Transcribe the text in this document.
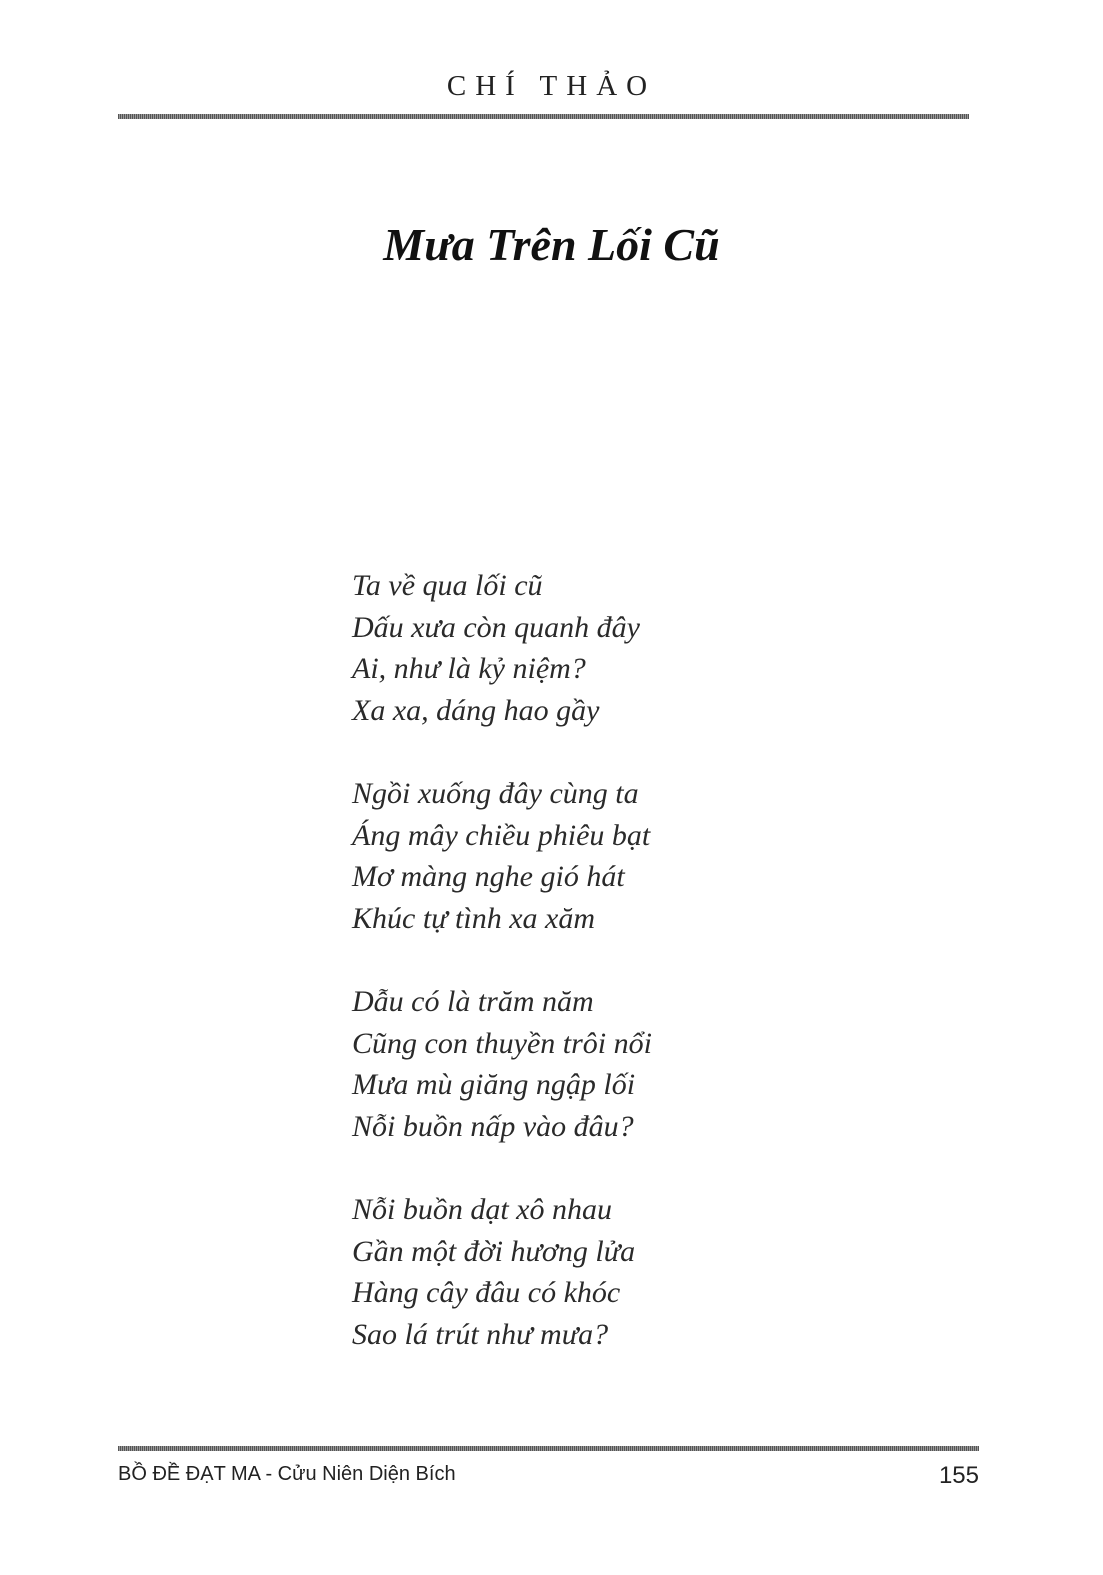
CHÍ THẢO
Mưa Trên Lối Cũ
Ta về qua lối cũ
Dấu xưa còn quanh đây
Ai, như là kỷ niệm?
Xa xa, dáng hao gầy
Ngồi xuống đây cùng ta
Áng mây chiều phiêu bạt
Mơ màng nghe gió hát
Khúc tự tình xa xăm
Dẫu có là trăm năm
Cũng con thuyền trôi nổi
Mưa mù giăng ngập lối
Nỗi buồn nấp vào đâu?
Nỗi buồn dạt xô nhau
Gần một đời hương lửa
Hàng cây đâu có khóc
Sao lá trút như mưa?
BỒ ĐỀ ĐẠT MA - Cửu Niên Diện Bích	155
